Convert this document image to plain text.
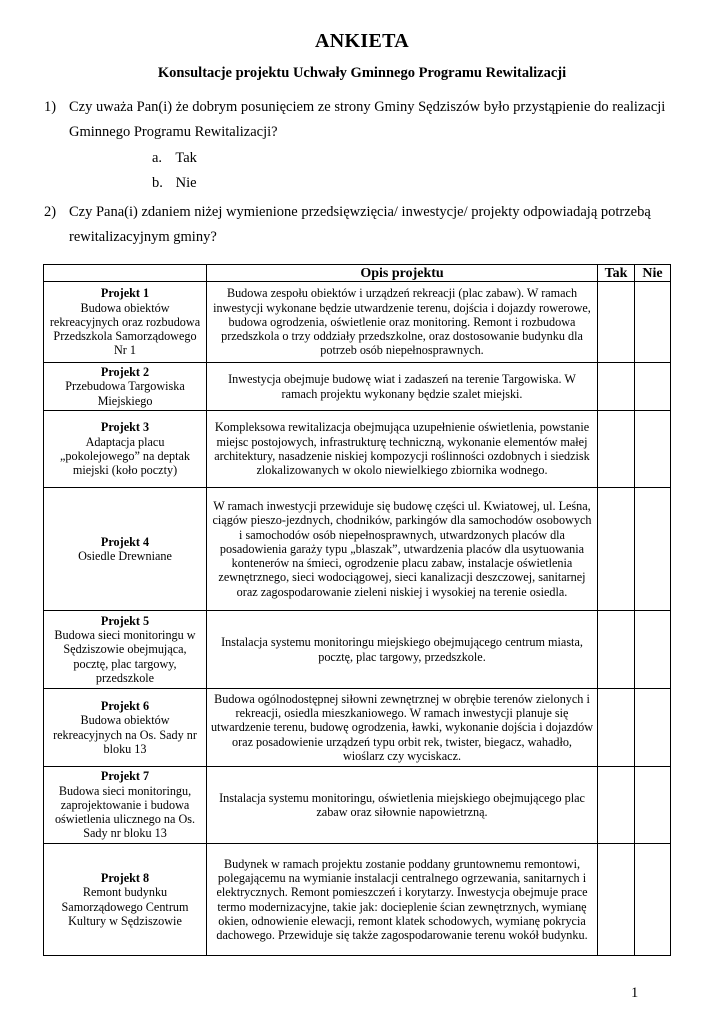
ANKIETA
Konsultacje projektu Uchwały Gminnego Programu Rewitalizacji
1) Czy uważa Pan(i) że dobrym posunięciem ze strony Gminy Sędziszów było przystąpienie do realizacji Gminnego Programu Rewitalizacji?
a. Tak
b. Nie
2) Czy Pana(i) zdaniem niżej wymienione przedsięwzięcia/ inwestycje/ projekty odpowiadają potrzebą rewitalizacyjnym gminy?
	Opis projektu	Tak	Nie

Projekt 1
Budowa obiektów rekreacyjnych oraz rozbudowa Przedszkola Samorządowego Nr 1	Budowa zespołu obiektów i urządzeń rekreacji (plac zabaw). W ramach inwestycji wykonane będzie utwardzenie terenu, dojścia i dojazdy rowerowe, budowa ogrodzenia, oświetlenie oraz monitoring. Remont i rozbudowa przedszkola o trzy oddziały przedszkolne, oraz dostosowanie budynku dla potrzeb osób niepełnosprawnych.		

Projekt 2
Przebudowa Targowiska Miejskiego	Inwestycja obejmuje budowę wiat i zadaszeń na terenie Targowiska. W ramach projektu wykonany będzie szalet miejski.		

Projekt 3
Adaptacja placu „pokolejowego” na deptak miejski (koło poczty)	Kompleksowa rewitalizacja obejmująca uzupełnienie oświetlenia, powstanie miejsc postojowych, infrastrukturę techniczną, wykonanie elementów małej architektury, nasadzenie niskiej kompozycji roślinności ozdobnych i siedzisk zlokalizowanych w okolo niewielkiego zbiornika wodnego.		

Projekt 4
Osiedle Drewniane	W ramach inwestycji przewiduje się budowę części ul. Kwiatowej, ul. Leśna, ciągów pieszo-jezdnych, chodników, parkingów dla samochodów osobowych i samochodów osób niepełnosprawnych, utwardzonych placów dla posadowienia garaży typu „blaszak”, utwardzenia placów dla usytuowania kontenerów na śmieci, ogrodzenie placu zabaw, instalacje oświetlenia zewnętrznego, sieci wodociągowej, sieci kanalizacji deszczowej, sanitarnej oraz zagospodarowanie zieleni niskiej i wysokiej na terenie osiedla.		

Projekt 5
Budowa sieci monitoringu w Sędziszowie obejmująca, pocztę, plac targowy, przedszkole	Instalacja systemu monitoringu miejskiego obejmującego centrum miasta, pocztę, plac targowy, przedszkole.		

Projekt 6
Budowa obiektów rekreacyjnych na Os. Sady nr bloku 13	Budowa ogólnodostępnej siłowni zewnętrznej w obrębie terenów zielonych i rekreacji, osiedla mieszkaniowego. W ramach inwestycji planuje się utwardzenie terenu, budowę ogrodzenia, ławki, wykonanie dojścia i dojazdów oraz posadowienie urządzeń typu orbit rek, twister, biegacz, wahadło, wioślarz czy wyciskacz.		

Projekt 7
Budowa sieci monitoringu, zaprojektowanie i budowa oświetlenia ulicznego na Os. Sady nr bloku 13	Instalacja systemu monitoringu, oświetlenia miejskiego obejmującego plac zabaw oraz siłownie napowietrzną.		

Projekt 8
Remont budynku Samorządowego Centrum Kultury w Sędziszowie	Budynek w ramach projektu zostanie poddany gruntownemu remontowi, polegającemu na wymianie instalacji centralnego ogrzewania, sanitarnych i elektrycznych. Remont pomieszczeń i korytarzy. Inwestycja obejmuje prace termo modernizacyjne, takie jak: docieplenie ścian zewnętrznych, wymianę okien, odnowienie elewacji, remont klatek schodowych, wymianę pokrycia dachowego. Przewiduje się także zagospodarowanie terenu wokół budynku.		
1
